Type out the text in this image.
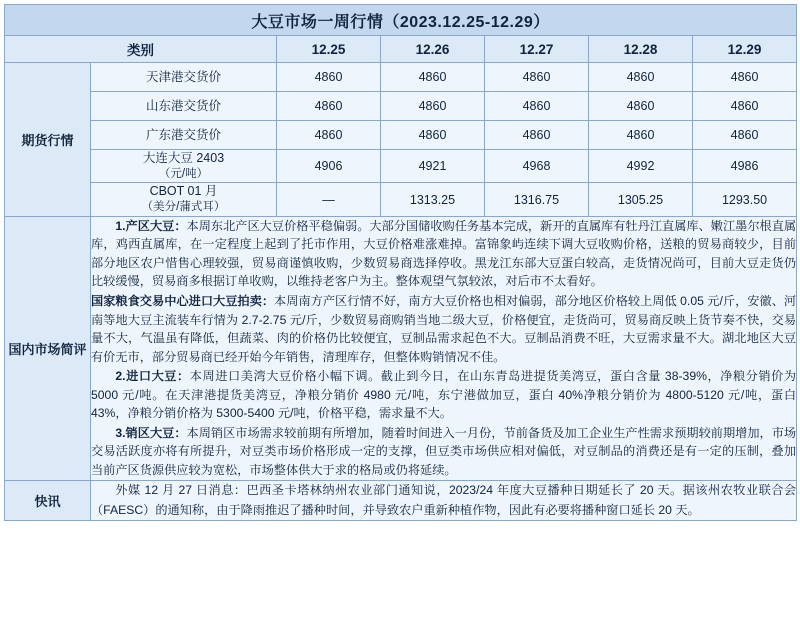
大豆市场一周行情（2023.12.25-12.29）						
类别		12.25	12.26	12.27	12.28	12.29
期货行情	天津港交货价	4860	4860	4860	4860	4860
	山东港交货价	4860	4860	4860	4860	4860
	广东港交货价	4860	4860	4860	4860	4860
	大连大豆 2403
（元/吨）	4906	4921	4968	4992	4986
	CBOT 01 月
（美分/蒲式耳）	—	1313.25	1316.75	1305.25	1293.50
国内市场简评	1.产区大豆：本周东北产区大豆价格平稳偏弱。大部分国储收购任务基本完成，新开的直属库有牡丹江直属库、嫩江墨尔根直属库，鸡西直属库，在一定程度上起到了托市作用，大豆价格难涨难掉。富锦象屿连续下调大豆收购价格，送粮的贸易商较少，目前部分地区农户惜售心理较强，贸易商谨慎收购，少数贸易商选择停收。黑龙江东部大豆蛋白较高，走货情况尚可，目前大豆走货仍比较缓慢，贸易商多根据订单收购，以维持老客户为主。整体观望气氛较浓，对后市不太看好。

国家粮食交易中心进口大豆拍卖：本周南方产区行情不好，南方大豆价格也相对偏弱，部分地区价格较上周低 0.05 元/斤，安徽、河南等地大豆主流装车行情为 2.7-2.75 元/斤，少数贸易商购销当地二级大豆，价格便宜，走货尚可，贸易商反映上货节奏不快，交易量不大，气温虽有降低，但蔬菜、肉的价格仍比较便宜，豆制品需求起色不大。豆制品消费不旺，大豆需求量不大。湖北地区大豆有价无市，部分贸易商已经开始今年销售，清理库存，但整体购销情况不佳。

2.进口大豆：本周进口美湾大豆价格小幅下调。截止到今日，在山东青岛进提货美湾豆，蛋白含量 38-39%，净粮分销价为 5000 元/吨。在天津港提货美湾豆，净粮分销价 4980 元/吨，东宁港做加豆，蛋白 40%净粮分销价为 4800-5120 元/吨，蛋白 43%，净粮分销价格为 5300-5400 元/吨，价格平稳，需求量不大。

3.销区大豆：本周销区市场需求较前期有所增加，随着时间进入一月份，节前备货及加工企业生产性需求预期较前期增加，市场交易活跃度亦将有所提升，对豆类市场价格形成一定的支撑，但豆类市场供应相对偏低，对豆制品的消费还是有一定的压制，叠加当前产区货源供应较为宽松，市场整体供大于求的格局或仍将延续。					

快讯	外媒 12 月 27 日消息：巴西圣卡塔林纳州农业部门通知说，2023/24 年度大豆播种日期延长了 20 天。据该州农牧业联合会（FAESC）的通知称，由于降雨推迟了播种时间，并导致农户重新种植作物，因此有必要将播种窗口延长 20 天。					
